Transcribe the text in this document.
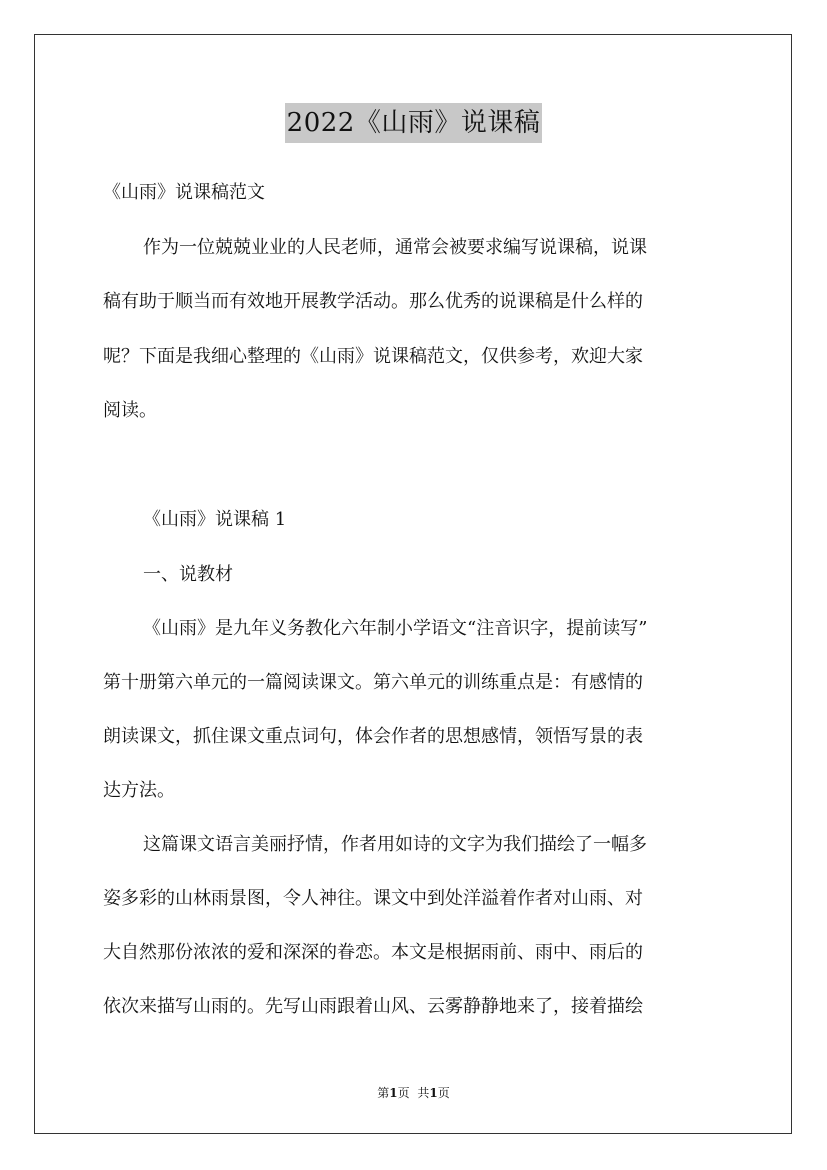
2022《山雨》说课稿
《山雨》说课稿范文
作为一位兢兢业业的人民老师，通常会被要求编写说课稿，说课
稿有助于顺当而有效地开展教学活动。那么优秀的说课稿是什么样的
呢？下面是我细心整理的《山雨》说课稿范文，仅供参考，欢迎大家
阅读。
《山雨》说课稿 1
一、说教材
《山雨》是九年义务教化六年制小学语文“注音识字，提前读写”
第十册第六单元的一篇阅读课文。第六单元的训练重点是：有感情的
朗读课文，抓住课文重点词句，体会作者的思想感情，领悟写景的表
达方法。
这篇课文语言美丽抒情，作者用如诗的文字为我们描绘了一幅多
姿多彩的山林雨景图，令人神往。课文中到处洋溢着作者对山雨、对
大自然那份浓浓的爱和深深的眷恋。本文是根据雨前、雨中、雨后的
依次来描写山雨的。先写山雨跟着山风、云雾静静地来了，接着描绘
第1页 共1页
